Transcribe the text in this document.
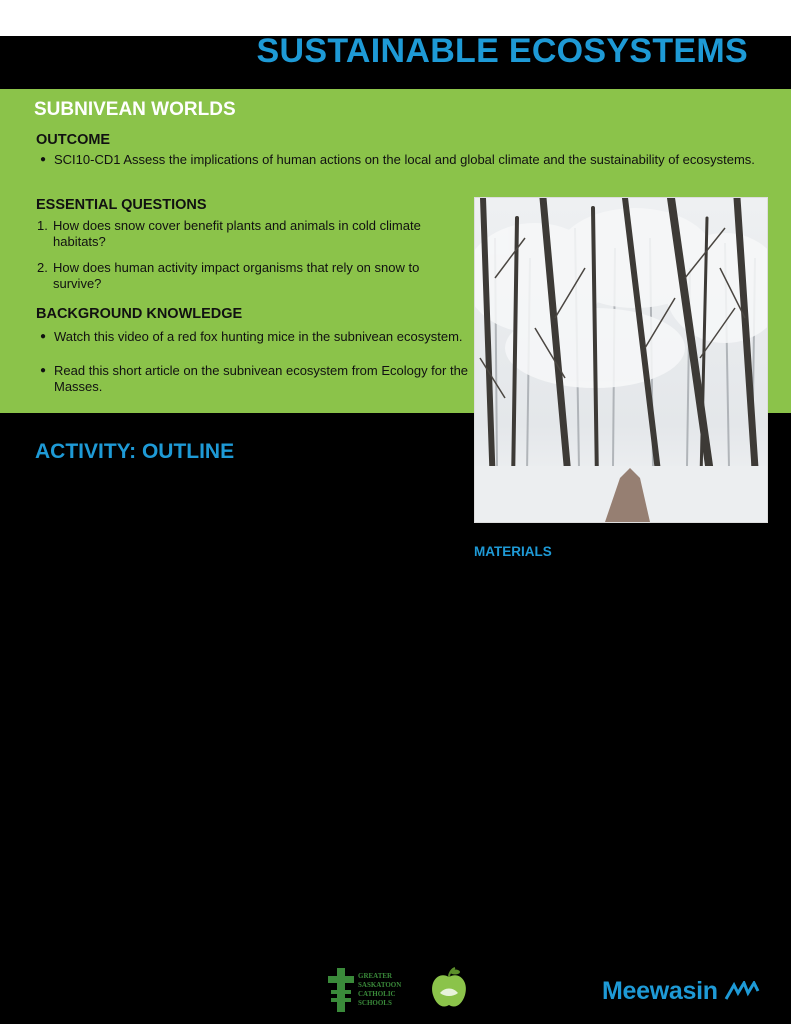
SUSTAINABLE ECOSYSTEMS
SUBNIVEAN WORLDS
OUTCOME
● SCI10-CD1 Assess the implications of human actions on the local and global climate and the sustainability of ecosystems.
ESSENTIAL QUESTIONS
1. How does snow cover benefit plants and animals in cold climate habitats?
2. How does human activity impact organisms that rely on snow to survive?
BACKGROUND KNOWLEDGE
● Watch this video of a red fox hunting mice in the subnivean ecosystem.
● Read this short article on the subnivean ecosystem from Ecology for the Masses.
ACTIVITY: OUTLINE
MATERIALS
GREATER SASKATOON CATHOLIC SCHOOLS	Meewasin
